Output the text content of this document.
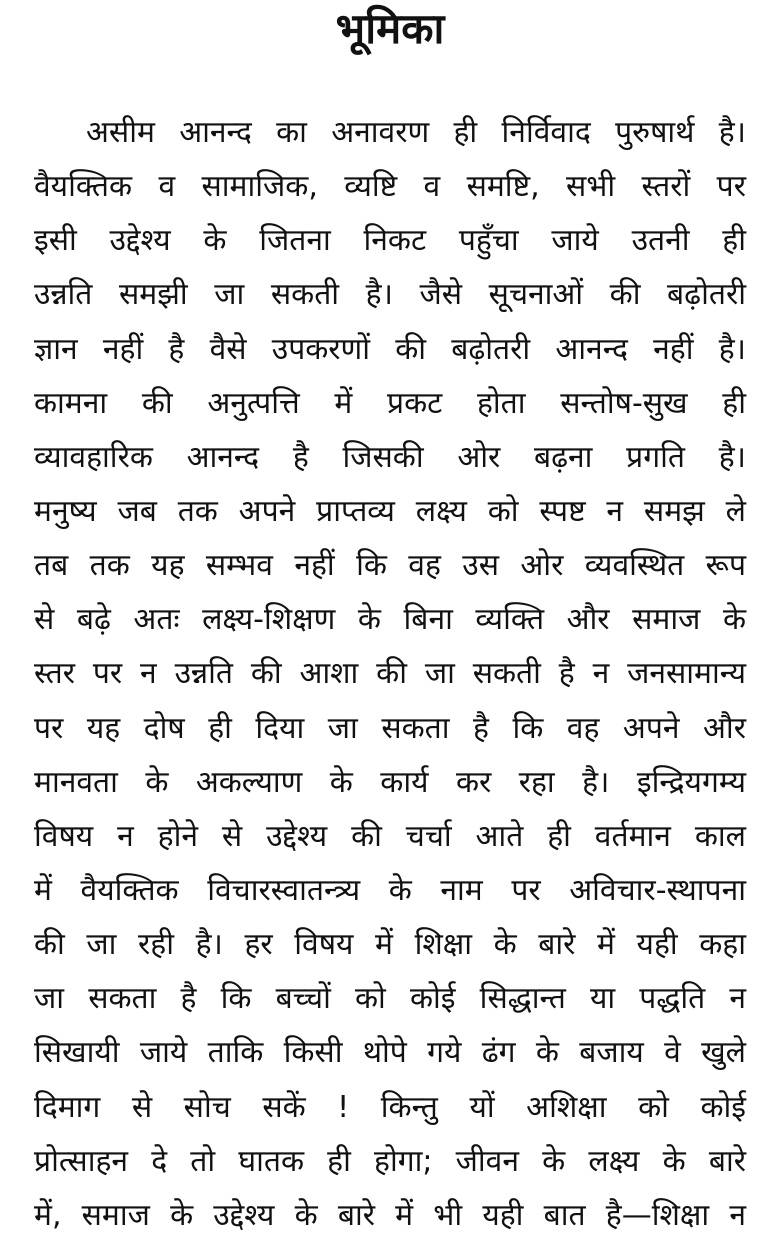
भूमिका
असीम आनन्द का अनावरण ही निर्विवाद पुरुषार्थ है।
वैयक्तिक व सामाजिक, व्यष्टि व समष्टि, सभी स्तरों पर
इसी उद्देश्य के जितना निकट पहुँचा जाये उतनी ही
उन्नति समझी जा सकती है। जैसे सूचनाओं की बढ़ोतरी
ज्ञान नहीं है वैसे उपकरणों की बढ़ोतरी आनन्द नहीं है।
कामना की अनुत्पत्ति में प्रकट होता सन्तोष-सुख ही
व्यावहारिक आनन्द है जिसकी ओर बढ़ना प्रगति है।
मनुष्य जब तक अपने प्राप्तव्य लक्ष्य को स्पष्ट न समझ ले
तब तक यह सम्भव नहीं कि वह उस ओर व्यवस्थित रूप
से बढ़े अतः लक्ष्य-शिक्षण के बिना व्यक्ति और समाज के
स्तर पर न उन्नति की आशा की जा सकती है न जनसामान्य
पर यह दोष ही दिया जा सकता है कि वह अपने और
मानवता के अकल्याण के कार्य कर रहा है। इन्द्रियगम्य
विषय न होने से उद्देश्य की चर्चा आते ही वर्तमान काल
में वैयक्तिक विचारस्वातन्त्र्य के नाम पर अविचार-स्थापना
की जा रही है। हर विषय में शिक्षा के बारे में यही कहा
जा सकता है कि बच्चों को कोई सिद्धान्त या पद्धति न
सिखायी जाये ताकि किसी थोपे गये ढंग के बजाय वे खुले
दिमाग से सोच सकें ! किन्तु यों अशिक्षा को कोई
प्रोत्साहन दे तो घातक ही होगा; जीवन के लक्ष्य के बारे
में, समाज के उद्देश्य के बारे में भी यही बात है—शिक्षा न
